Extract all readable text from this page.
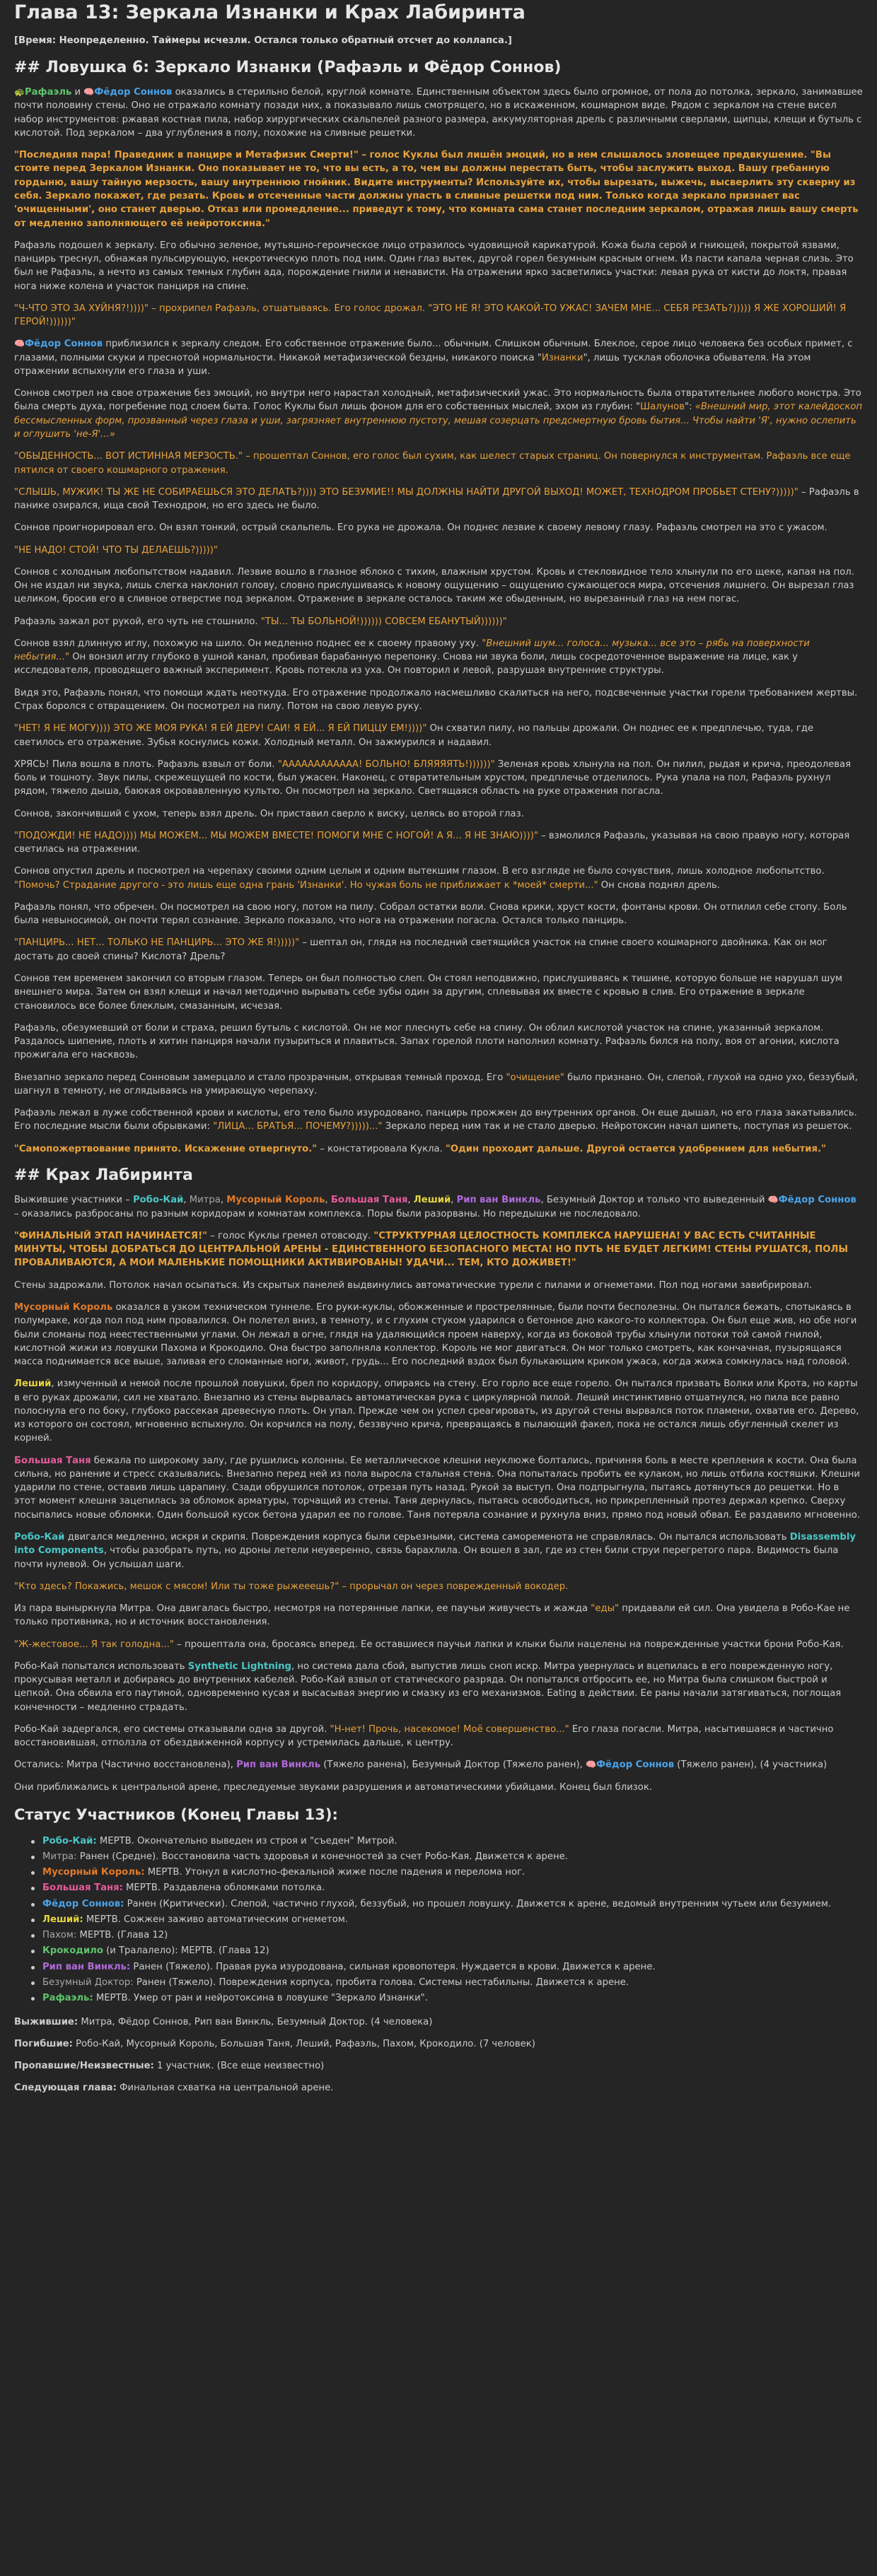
Глава 13: Зеркала Изнанки и Крах Лабиринта

[Время: Неопределенно. Таймеры исчезли. Остался только обратный отсчет до коллапса.]

## Ловушка 6: Зеркало Изнанки (Рафаэль и Фёдор Соннов)

🐢Рафаэль и 🧠Фёдор Соннов оказались в стерильно белой, круглой комнате. Единственным объектом здесь было огромное, от пола до потолка, зеркало, занимавшее почти половину стены. Оно не отражало комнату позади них, а показывало лишь смотрящего, но в искаженном, кошмарном виде. Рядом с зеркалом на стене висел набор инструментов: ржавая костная пила, набор хирургических скальпелей разного размера, аккумуляторная дрель с различными сверлами, щипцы, клещи и бутыль с кислотой. Под зеркалом – два углубления в полу, похожие на сливные решетки.

"Последняя пара! Праведник в панцире и Метафизик Смерти!" – голос Куклы был лишён эмоций, но в нем слышалось зловещее предвкушение. "Вы стоите перед Зеркалом Изнанки. Оно показывает не то, что вы есть, а то, чем вы должны перестать быть, чтобы заслужить выход. Вашу гребанную гордыню, вашу тайную мерзость, вашу внутреннюю гнойник. Видите инструменты? Используйте их, чтобы вырезать, выжечь, высверлить эту скверну из себя. Зеркало покажет, где резать. Кровь и отсеченные части должны упасть в сливные решетки под ним. Только когда зеркало признает вас 'очищенными', оно станет дверью. Отказ или промедление... приведут к тому, что комната сама станет последним зеркалом, отражая лишь вашу смерть от медленно заполняющего её нейротоксина."

Рафаэль подошел к зеркалу. Его обычно зеленое, мутьяшно-героическое лицо отразилось чудовищной карикатурой. Кожа была серой и гниющей, покрытой язвами, панцирь треснул, обнажая пульсирующую, некротическую плоть под ним. Один глаз вытек, другой горел безумным красным огнем. Из пасти капала черная слизь. Это был не Рафаэль, а нечто из самых темных глубин ада, порождение гнили и ненависти. На отражении ярко засветились участки: левая рука от кисти до локтя, правая нога ниже колена и участок панциря на спине.

"Ч-ЧТО ЭТО ЗА ХУЙНЯ?!))))" – прохрипел Рафаэль, отшатываясь. Его голос дрожал. "ЭТО НЕ Я! ЭТО КАКОЙ-ТО УЖАС! ЗАЧЕМ МНЕ... СЕБЯ РЕЗАТЬ?))))) Я ЖЕ ХОРОШИЙ! Я ГЕРОЙ!))))))"

🧠Фёдор Соннов приблизился к зеркалу следом. Его собственное отражение было... обычным. Слишком обычным. Блеклое, серое лицо человека без особых примет, с глазами, полными скуки и преснотой нормальности. Никакой метафизической бездны, никакого поиска "Изнанки", лишь тусклая оболочка обывателя. На этом отражении вспыхнули его глаза и уши.

Соннов смотрел на свое отражение без эмоций, но внутри него нарастал холодный, метафизический ужас. Это нормальность была отвратительнее любого монстра. Это была смерть духа, погребение под слоем быта. Голос Куклы был лишь фоном для его собственных мыслей, эхом из глубин: "Шалунов": «Внешний мир, этот калейдоскоп бессмысленных форм, прозванный через глаза и уши, загрязняет внутреннюю пустоту, мешая созерцать предсмертную бровь бытия... Чтобы найти 'Я', нужно ослепить и оглушить 'не-Я'...»

"ОБЫДЕННОСТЬ... ВОТ ИСТИННАЯ МЕРЗОСТЬ." – прошептал Соннов, его голос был сухим, как шелест старых страниц. Он повернулся к инструментам. Рафаэль все еще пятился от своего кошмарного отражения.

"СЛЫШЬ, МУЖИК! ТЫ ЖЕ НЕ СОБИРАЕШЬСЯ ЭТО ДЕЛАТЬ?)))) ЭТО БЕЗУМИЕ!! МЫ ДОЛЖНЫ НАЙТИ ДРУГОЙ ВЫХОД! МОЖЕТ, ТЕХНОДРОМ ПРОБЬЕТ СТЕНУ?)))))" – Рафаэль в панике озирался, ища свой Технодром, но его здесь не было.

Соннов проигнорировал его. Он взял тонкий, острый скальпель. Его рука не дрожала. Он поднес лезвие к своему левому глазу. Рафаэль смотрел на это с ужасом.

"НЕ НАДО! СТОЙ! ЧТО ТЫ ДЕЛАЕШЬ?)))))"

Соннов с холодным любопытством надавил. Лезвие вошло в глазное яблоко с тихим, влажным хрустом. Кровь и стекловидное тело хлынули по его щеке, капая на пол. Он не издал ни звука, лишь слегка наклонил голову, словно прислушиваясь к новому ощущению – ощущению сужающегося мира, отсечения лишнего. Он вырезал глаз целиком, бросив его в сливное отверстие под зеркалом. Отражение в зеркале осталось таким же обыденным, но вырезанный глаз на нем погас.

Рафаэль зажал рот рукой, его чуть не стошнило. "ТЫ... ТЫ БОЛЬНОЙ!)))))) СОВСЕМ ЕБАНУТЫЙ))))))"

Соннов взял длинную иглу, похожую на шило. Он медленно поднес ее к своему правому уху. "Внешний шум... голоса... музыка... все это – рябь на поверхности небытия..." Он вонзил иглу глубоко в ушной канал, пробивая барабанную перепонку. Снова ни звука боли, лишь сосредоточенное выражение на лице, как у исследователя, проводящего важный эксперимент. Кровь потекла из уха. Он повторил и левой, разрушая внутренние структуры.

Видя это, Рафаэль понял, что помощи ждать неоткуда. Его отражение продолжало насмешливо скалиться на него, подсвеченные участки горели требованием жертвы. Страх боролся с отвращением. Он посмотрел на пилу. Потом на свою левую руку.

"НЕТ! Я НЕ МОГУ)))) ЭТО ЖЕ МОЯ РУКА! Я ЕЙ ДЕРУ! САИ! Я ЕЙ... Я ЕЙ ПИЦЦУ ЕМ!))))" Он схватил пилу, но пальцы дрожали. Он поднес ее к предплечью, туда, где светилось его отражение. Зубья коснулись кожи. Холодный металл. Он зажмурился и надавил.

ХРЯСЬ! Пила вошла в плоть. Рафаэль взвыл от боли. "АААААААААААА! БОЛЬНО! БЛЯЯЯЯТЬ!))))))" Зеленая кровь хлынула на пол. Он пилил, рыдая и крича, преодолевая боль и тошноту. Звук пилы, скрежещущей по кости, был ужасен. Наконец, с отвратительным хрустом, предплечье отделилось. Рука упала на пол, Рафаэль рухнул рядом, тяжело дыша, баюкая окровавленную культю. Он посмотрел на зеркало. Светящаяся область на руке отражения погасла.

Соннов, закончивший с ухом, теперь взял дрель. Он приставил сверло к виску, целясь во второй глаз.

"ПОДОЖДИ! НЕ НАДО)))) МЫ МОЖЕМ... МЫ МОЖЕМ ВМЕСТЕ! ПОМОГИ МНЕ С НОГОЙ! А Я... Я НЕ ЗНАЮ))))" – взмолился Рафаэль, указывая на свою правую ногу, которая светилась на отражении.

Соннов опустил дрель и посмотрел на черепаху своими одним целым и одним вытекшим глазом. В его взгляде не было сочувствия, лишь холодное любопытство. "Помочь? Страдание другого - это лишь еще одна грань 'Изнанки'. Но чужая боль не приближает к *моей* смерти..." Он снова поднял дрель.

Рафаэль понял, что обречен. Он посмотрел на свою ногу, потом на пилу. Собрал остатки воли. Снова крики, хруст кости, фонтаны крови. Он отпилил себе стопу. Боль была невыносимой, он почти терял сознание. Зеркало показало, что нога на отражении погасла. Остался только панцирь.

"ПАНЦИРЬ... НЕТ... ТОЛЬКО НЕ ПАНЦИРЬ... ЭТО ЖЕ Я!)))))" – шептал он, глядя на последний светящийся участок на спине своего кошмарного двойника. Как он мог достать до своей спины? Кислота? Дрель?

Соннов тем временем закончил со вторым глазом. Теперь он был полностью слеп. Он стоял неподвижно, прислушиваясь к тишине, которую больше не нарушал шум внешнего мира. Затем он взял клещи и начал методично вырывать себе зубы один за другим, сплевывая их вместе с кровью в слив. Его отражение в зеркале становилось все более блеклым, смазанным, исчезая.

Рафаэль, обезумевший от боли и страха, решил бутыль с кислотой. Он не мог плеснуть себе на спину. Он облил кислотой участок на спине, указанный зеркалом. Раздалось шипение, плоть и хитин панциря начали пузыриться и плавиться. Запах горелой плоти наполнил комнату. Рафаэль бился на полу, воя от агонии, кислота прожигала его насквозь.

Внезапно зеркало перед Сонновым замерцало и стало прозрачным, открывая темный проход. Его "очищение" было признано. Он, слепой, глухой на одно ухо, беззубый, шагнул в темноту, не оглядываясь на умирающую черепаху.

Рафаэль лежал в луже собственной крови и кислоты, его тело было изуродовано, панцирь прожжен до внутренних органов. Он еще дышал, но его глаза закатывались. Его последние мысли были обрывками: "ЛИЦА... БРАТЬЯ... ПОЧЕМУ?)))))..." Зеркало перед ним так и не стало дверью. Нейротоксин начал шипеть, поступая из решеток.

"Самопожертвование принято. Искажение отвергнуто." – констатировала Кукла. "Один проходит дальше. Другой остается удобрением для небытия."

## Крах Лабиринта

Выжившие участники – Робо-Кай, Митра, Мусорный Король, Большая Таня, Леший, Рип ван Винкль, Безумный Доктор и только что выведенный 🧠Фёдор Соннов – оказались разбросаны по разным коридорам и комнатам комплекса. Поры были разорваны. Но передышки не последовало.

"ФИНАЛЬНЫЙ ЭТАП НАЧИНАЕТСЯ!" – голос Куклы гремел отовсюду. "СТРУКТУРНАЯ ЦЕЛОСТНОСТЬ КОМПЛЕКСА НАРУШЕНА! У ВАС ЕСТЬ СЧИТАННЫЕ МИНУТЫ, ЧТОБЫ ДОБРАТЬСЯ ДО ЦЕНТРАЛЬНОЙ АРЕНЫ - ЕДИНСТВЕННОГО БЕЗОПАСНОГО МЕСТА! НО ПУТЬ НЕ БУДЕТ ЛЕГКИМ! СТЕНЫ РУШАТСЯ, ПОЛЫ ПРОВАЛИВАЮТСЯ, А МОИ МАЛЕНЬКИЕ ПОМОЩНИКИ АКТИВИРОВАНЫ! УДАЧИ... ТЕМ, КТО ДОЖИВЕТ!"

Стены задрожали. Потолок начал осыпаться. Из скрытых панелей выдвинулись автоматические турели с пилами и огнеметами. Пол под ногами завибрировал.

Мусорный Король оказался в узком техническом туннеле. Его руки-куклы, обожженные и прострелянные, были почти бесполезны. Он пытался бежать, спотыкаясь в полумраке, когда пол под ним провалился. Он полетел вниз, в темноту, и с глухим стуком ударился о бетонное дно какого-то коллектора. Он был еще жив, но обе ноги были сломаны под неестественными углами. Он лежал в огне, глядя на удаляющийся проем наверху, когда из боковой трубы хлынули потоки той самой гнилой, кислотной жижи из ловушки Пахома и Крокодило. Она быстро заполняла коллектор. Король не мог двигаться. Он мог только смотреть, как кончачная, пузырящаяся масса поднимается все выше, заливая его сломанные ноги, живот, грудь... Его последний вздох был булькающим криком ужаса, когда жижа сомкнулась над головой.

Леший, измученный и немой после прошлой ловушки, брел по коридору, опираясь на стену. Его горло все еще горело. Он пытался призвать Волки или Крота, но карты в его руках дрожали, сил не хватало. Внезапно из стены вырвалась автоматическая рука с циркулярной пилой. Леший инстинктивно отшатнулся, но пила все равно полоснула его по боку, глубоко рассекая древесную плоть. Он упал. Прежде чем он успел среагировать, из другой стены вырвался поток пламени, охватив его. Дерево, из которого он состоял, мгновенно вспыхнуло. Он корчился на полу, беззвучно крича, превращаясь в пылающий факел, пока не остался лишь обугленный скелет из корней.

Большая Таня бежала по широкому залу, где рушились колонны. Ее металлическое клешни неуклюже болтались, причиняя боль в месте крепления к кости. Она была сильна, но ранение и стресс сказывались. Внезапно перед ней из пола выросла стальная стена. Она попыталась пробить ее кулаком, но лишь отбила костяшки. Клешни ударили по стене, оставив лишь царапину. Сзади обрушился потолок, отрезая путь назад. Рукой за выступ. Она подпрыгнула, пытаясь дотянуться до решетки. Но в этот момент клешня зацепилась за обломок арматуры, торчащий из стены. Таня дернулась, пытаясь освободиться, но прикрепленный протез держал крепко. Сверху посыпались новые обломки. Один большой кусок бетона ударил ее по голове. Таня потеряла сознание и рухнула вниз, прямо под новый обвал. Ее раздавило мгновенно.

Робо-Кай двигался медленно, искря и скрипя. Повреждения корпуса были серьезными, система самоременота не справлялась. Он пытался использовать Disassembly into Components, чтобы разобрать путь, но дроны летели неуверенно, связь барахлила. Он вошел в зал, где из стен били струи перегретого пара. Видимость была почти нулевой. Он услышал шаги.

"Кто здесь? Покажись, мешок с мясом! Или ты тоже рыжееешь?" – прорычал он через поврежденный вокодер.

Из пара выныркнула Митра. Она двигалась быстро, несмотря на потерянные лапки, ее паучьи живучесть и жажда "еды" придавали ей сил. Она увидела в Робо-Кае не только противника, но и источник восстановления.

"Ж-жестовое... Я так голодна..." – прошептала она, бросаясь вперед. Ее оставшиеся паучьи лапки и клыки были нацелены на поврежденные участки брони Робо-Кая.

Робо-Кай попытался использовать Synthetic Lightning, но система дала сбой, выпустив лишь сноп искр. Митра увернулась и вцепилась в его поврежденную ногу, прокусывая металл и добираясь до внутренних кабелей. Робо-Кай взвыл от статического разряда. Он попытался отбросить ее, но Митра была слишком быстрой и цепкой. Она обвила его паутиной, одновременно кусая и высасывая энергию и смазку из его механизмов. Eating в действии. Ее раны начали затягиваться, поглощая кончечности – медленно страдать.

Робо-Кай задергался, его системы отказывали одна за другой. "Н-нет! Прочь, насекомое! Моё совершенство..." Его глаза погасли. Митра, насытившаяся и частично восстановившая, отползла от обездвиженной корпусу и устремилась дальше, к центру.

Остались: Митра (Частично восстановлена), Рип ван Винкль (Тяжело ранена), Безумный Доктор (Тяжело ранен), 🧠Фёдор Соннов (Тяжело ранен), (4 участника)

Они приближались к центральной арене, преследуемые звуками разрушения и автоматическими убийцами. Конец был близок.

Статус Участников (Конец Главы 13):
Робо-Кай: МЕРТВ. Окончательно выведен из строя и "съеден" Митрой.
Митра: Ранен (Средне). Восстановила часть здоровья и конечностей за счет Робо-Кая. Движется к арене.
Мусорный Король: МЕРТВ. Утонул в кислотно-фекальной жиже после падения и перелома ног.
Большая Таня: МЕРТВ. Раздавлена обломками потолка.
Фёдор Соннов: Ранен (Критически). Слепой, частично глухой, беззубый, но прошел ловушку. Движется к арене, ведомый внутренним чутьем или безумием.
Леший: МЕРТВ. Сожжен заживо автоматическим огнеметом.
Пахом: МЕРТВ. (Глава 12)
Крокодило (и Тралалело): МЕРТВ. (Глава 12)
Рип ван Винкль: Ранен (Тяжело). Правая рука изуродована, сильная кровопотеря. Нуждается в крови. Движется к арене.
Безумный Доктор: Ранен (Тяжело). Повреждения корпуса, пробита голова. Системы нестабильны. Движется к арене.
Рафаэль: МЕРТВ. Умер от ран и нейротоксина в ловушке "Зеркало Изнанки".

Выжившие: Митра, Фёдор Соннов, Рип ван Винкль, Безумный Доктор. (4 человека)

Погибшие: Робо-Кай, Мусорный Король, Большая Таня, Леший, Рафаэль, Пахом, Крокодило. (7 человек)

Пропавшие/Неизвестные: 1 участник. (Все еще неизвестно)

Следующая глава: Финальная схватка на центральной арене.
